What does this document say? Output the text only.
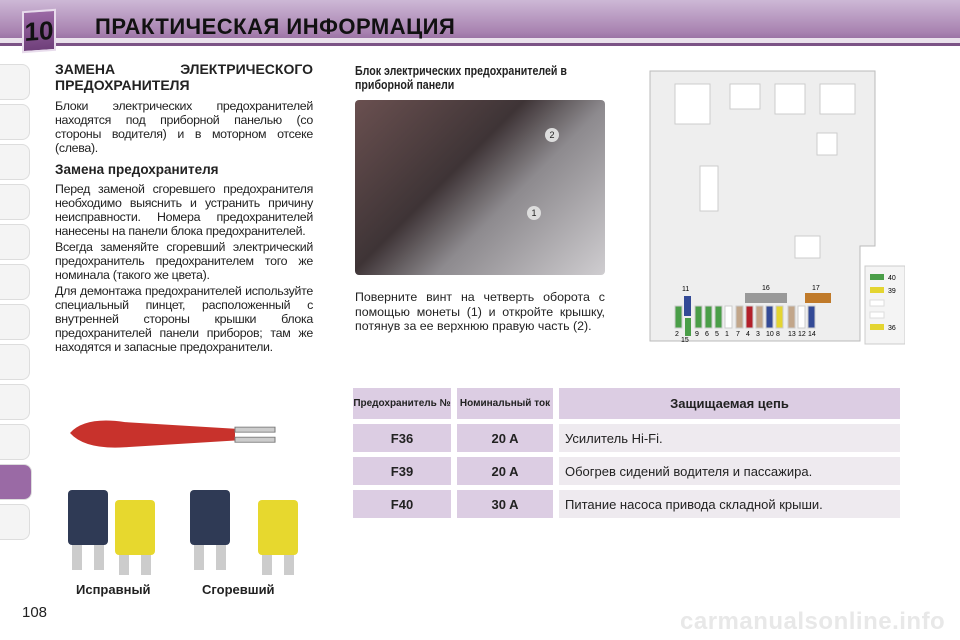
10 ПРАКТИЧЕСКАЯ ИНФОРМАЦИЯ
ЗАМЕНА ЭЛЕКТРИЧЕСКОГО ПРЕДОХРАНИТЕЛЯ

Блоки электрических предохранителей находятся под приборной панелью (со стороны водителя) и в моторном отсеке (слева).

Замена предохранителя

Перед заменой сгоревшего предохранителя необходимо выяснить и устранить причину неисправности. Номера предохранителей нанесены на панели блока предохранителей.

Всегда заменяйте сгоревший электрический предохранитель предохранителем того же номинала (такого же цвета).

Для демонтажа предохранителей используйте специальный пинцет, расположенный с внутренней стороны крышки блока предохранителей панели приборов; там же находятся и запасные предохранители.

Исправный	Сгоревший
Блок электрических предохранителей в приборной панели
1
2
Поверните винт на четверть оборота с помощью монеты (1) и откройте крышку, потянув за ее верхнюю правую часть (2).
11
15
16	17
2 9 6 5 1 7 4 3 10 8 13 12 14
40
39
36
Предохранитель №	Номинальный ток	Защищаемая цепь
F36	20 A	Усилитель Hi-Fi.
F39	20 A	Обогрев сидений водителя и пассажира.
F40	30 A	Питание насоса привода складной крыши.
108	carmanualsonline.info
